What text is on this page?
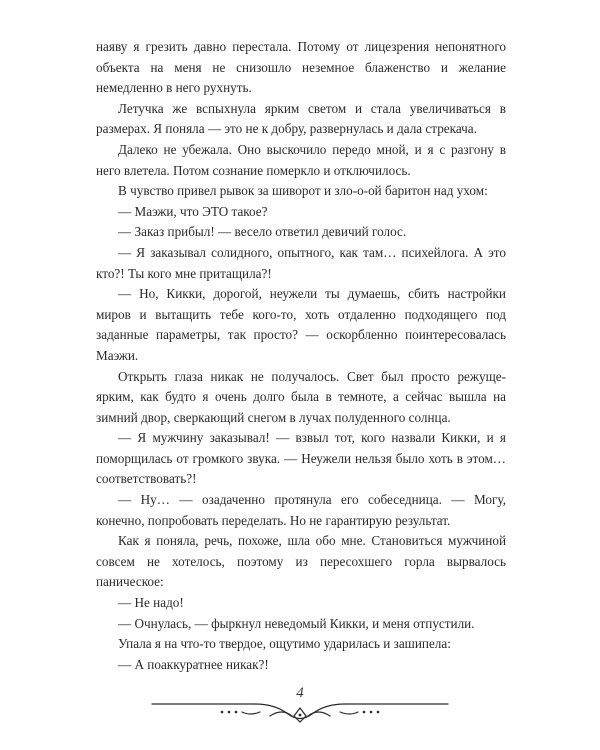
наяву я грезить давно перестала. Потому от лицезрения непонятного объекта на меня не снизошло неземное блаженство и желание немедленно в него рухнуть.

Летучка же вспыхнула ярким светом и стала увеличиваться в размерах. Я поняла — это не к добру, развернулась и дала стрекача.

Далеко не убежала. Оно выскочило передо мной, и я с разгону в него влетела. Потом сознание померкло и отключилось.

В чувство привел рывок за шиворот и зло-о-ой баритон над ухом:

— Маэжи, что ЭТО такое?

— Заказ прибыл! — весело ответил девичий голос.

— Я заказывал солидного, опытного, как там… психейлога. А это кто?! Ты кого мне притащила?!

— Но, Кикки, дорогой, неужели ты думаешь, сбить настройки миров и вытащить тебе кого-то, хоть отдаленно подходящего под заданные параметры, так просто? — оскорбленно поинтересовалась Маэжи.

Открыть глаза никак не получалось. Свет был просто режуще-ярким, как будто я очень долго была в темноте, а сейчас вышла на зимний двор, сверкающий снегом в лучах полуденного солнца.

— Я мужчину заказывал! — взвыл тот, кого назвали Кикки, и я поморщилась от громкого звука. — Неужели нельзя было хоть в этом… соответствовать?!

— Ну… — озадаченно протянула его собеседница. — Могу, конечно, попробовать переделать. Но не гарантирую результат.

Как я поняла, речь, похоже, шла обо мне. Становиться мужчиной совсем не хотелось, поэтому из пересохшего горла вырвалось паническое:

— Не надо!

— Очнулась, — фыркнул неведомый Кикки, и меня отпустили.

Упала я на что-то твердое, ощутимо ударилась и зашипела:

— А поаккуратнее никак?!

4
